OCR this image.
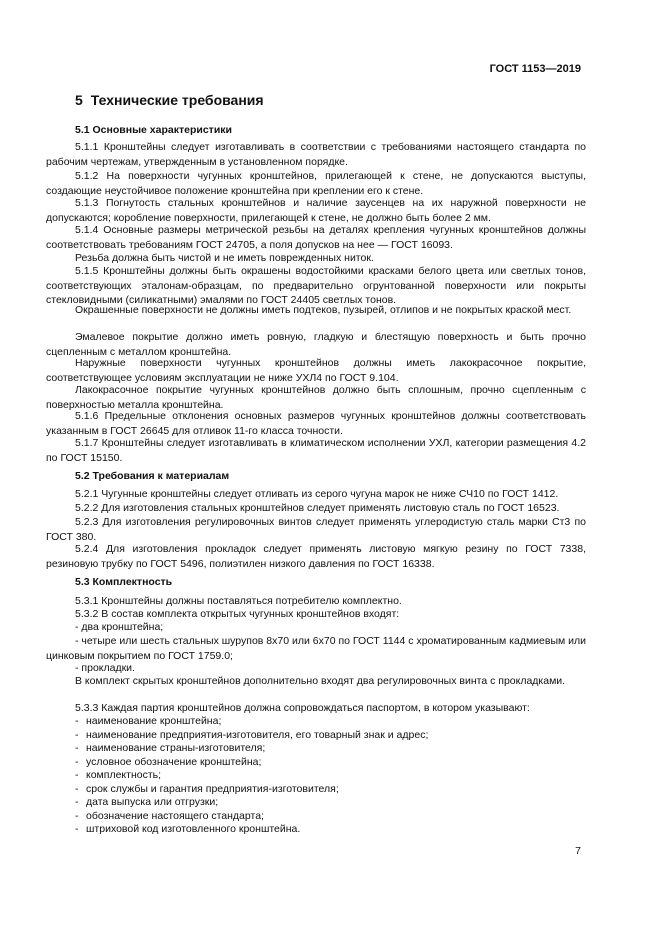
ГОСТ 1153—2019
5 Технические требования
5.1 Основные характеристики
5.1.1 Кронштейны следует изготавливать в соответствии с требованиями настоящего стандарта по рабочим чертежам, утвержденным в установленном порядке.
5.1.2 На поверхности чугунных кронштейнов, прилегающей к стене, не допускаются выступы, создающие неустойчивое положение кронштейна при креплении его к стене.
5.1.3 Погнутость стальных кронштейнов и наличие заусенцев на их наружной поверхности не допускаются; коробление поверхности, прилегающей к стене, не должно быть более 2 мм.
5.1.4 Основные размеры метрической резьбы на деталях крепления чугунных кронштейнов должны соответствовать требованиям ГОСТ 24705, а поля допусков на нее — ГОСТ 16093.
Резьба должна быть чистой и не иметь поврежденных ниток.
5.1.5 Кронштейны должны быть окрашены водостойкими красками белого цвета или светлых тонов, соответствующих эталонам-образцам, по предварительно огрунтованной поверхности или покрыты стекловидными (силикатными) эмалями по ГОСТ 24405 светлых тонов.
Окрашенные поверхности не должны иметь подтеков, пузырей, отлипов и не покрытых краской мест.
Эмалевое покрытие должно иметь ровную, гладкую и блестящую поверхность и быть прочно сцепленным с металлом кронштейна.
Наружные поверхности чугунных кронштейнов должны иметь лакокрасочное покрытие, соответствующее условиям эксплуатации не ниже УХЛ4 по ГОСТ 9.104.
Лакокрасочное покрытие чугунных кронштейнов должно быть сплошным, прочно сцепленным с поверхностью металла кронштейна.
5.1.6 Предельные отклонения основных размеров чугунных кронштейнов должны соответствовать указанным в ГОСТ 26645 для отливок 11-го класса точности.
5.1.7 Кронштейны следует изготавливать в климатическом исполнении УХЛ, категории размещения 4.2 по ГОСТ 15150.
5.2 Требования к материалам
5.2.1 Чугунные кронштейны следует отливать из серого чугуна марок не ниже СЧ10 по ГОСТ 1412.
5.2.2 Для изготовления стальных кронштейнов следует применять листовую сталь по ГОСТ 16523.
5.2.3 Для изготовления регулировочных винтов следует применять углеродистую сталь марки Ст3 по ГОСТ 380.
5.2.4 Для изготовления прокладок следует применять листовую мягкую резину по ГОСТ 7338, резиновую трубку по ГОСТ 5496, полиэтилен низкого давления по ГОСТ 16338.
5.3 Комплектность
5.3.1 Кронштейны должны поставляться потребителю комплектно.
5.3.2 В состав комплекта открытых чугунных кронштейнов входят:
- два кронштейна;
- четыре или шесть стальных шурупов 8х70 или 6х70 по ГОСТ 1144 с хроматированным кадмиевым или цинковым покрытием по ГОСТ 1759.0;
- прокладки.
В комплект скрытых кронштейнов дополнительно входят два регулировочных винта с прокладками.
5.3.3 Каждая партия кронштейнов должна сопровождаться паспортом, в котором указывают:
- наименование кронштейна;
- наименование предприятия-изготовителя, его товарный знак и адрес;
- наименование страны-изготовителя;
- условное обозначение кронштейна;
- комплектность;
- срок службы и гарантия предприятия-изготовителя;
- дата выпуска или отгрузки;
- обозначение настоящего стандарта;
- штриховой код изготовленного кронштейна.
7
